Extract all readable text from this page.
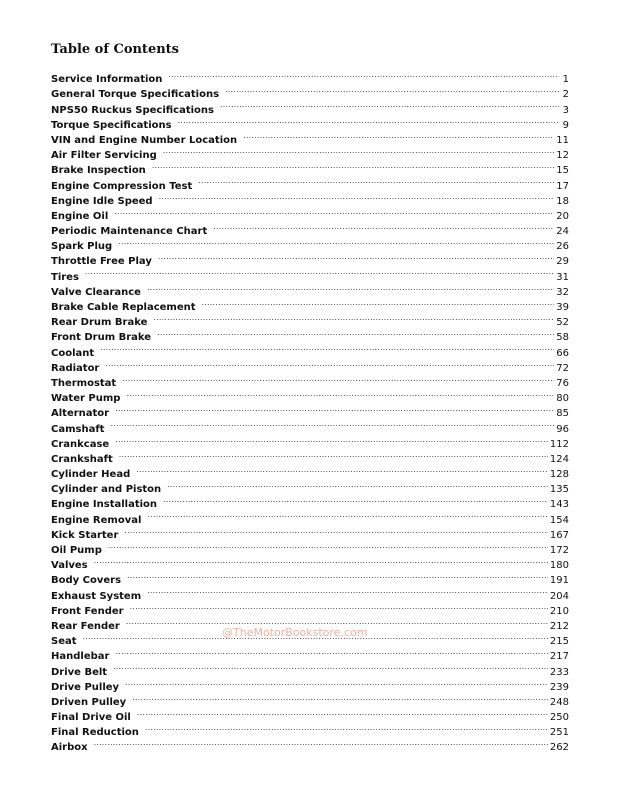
Table of Contents
Service Information .....	1
General Torque Specifications .....	2
NPS50 Ruckus Specifications .....	3
Torque Specifications .....	9
VIN and Engine Number Location .....	11
Air Filter Servicing .....	12
Brake Inspection .....	15
Engine Compression Test .....	17
Engine Idle Speed .....	18
Engine Oil .....	20
Periodic Maintenance Chart .....	24
Spark Plug .....	26
Throttle Free Play .....	29
Tires .....	31
Valve Clearance .....	32
Brake Cable Replacement .....	39
Rear Drum Brake .....	52
Front Drum Brake .....	58
Coolant .....	66
Radiator .....	72
Thermostat .....	76
Water Pump .....	80
Alternator .....	85
Camshaft .....	96
Crankcase .....	112
Crankshaft .....	124
Cylinder Head .....	128
Cylinder and Piston .....	135
Engine Installation .....	143
Engine Removal .....	154
Kick Starter .....	167
Oil Pump .....	172
Valves .....	180
Body Covers .....	191
Exhaust System .....	204
Front Fender .....	210
Rear Fender .....	212
Seat .....	215
Handlebar .....	217
Drive Belt .....	233
Drive Pulley .....	239
Driven Pulley .....	248
Final Drive Oil .....	250
Final Reduction .....	251
Airbox .....	262
@TheMotorBookstore.com
